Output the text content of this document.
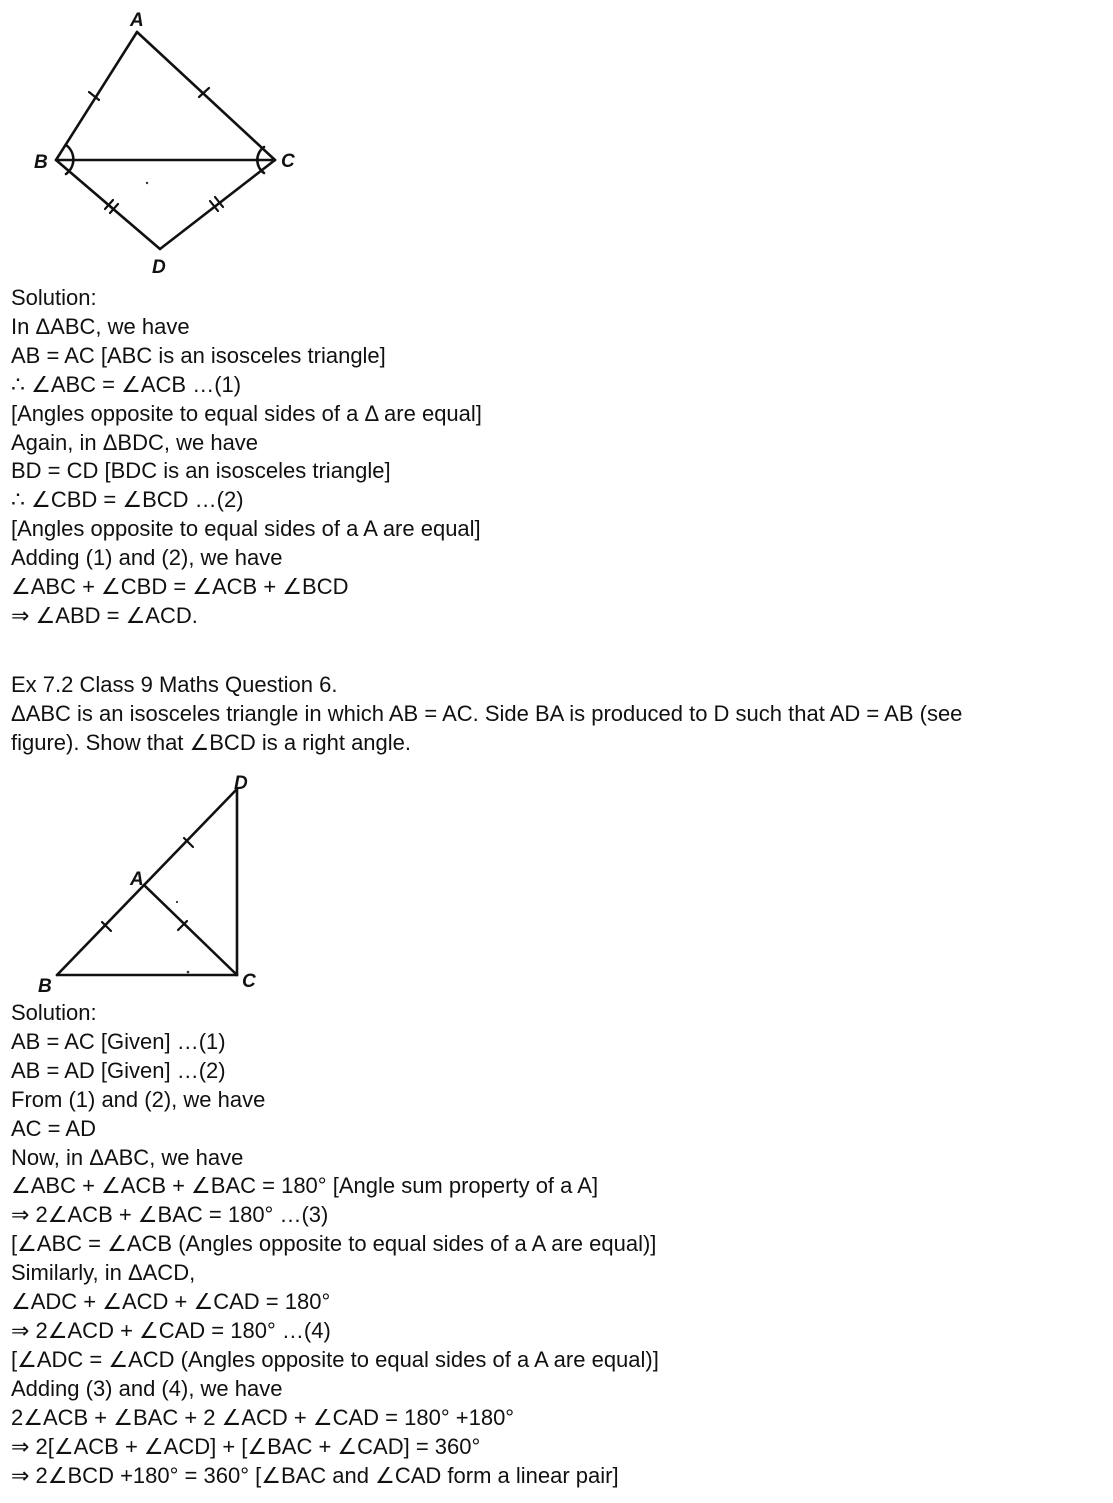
A
B	C
D

Solution:

In ΔABC, we have

AB = AC [ABC is an isosceles triangle]

∴ ∠ABC = ∠ACB …(1)

[Angles opposite to equal sides of a Δ are equal]

Again, in ΔBDC, we have

BD = CD [BDC is an isosceles triangle]

∴ ∠CBD = ∠BCD …(2)

[Angles opposite to equal sides of a A are equal]

Adding (1) and (2), we have

∠ABC + ∠CBD = ∠ACB + ∠BCD

⇒ ∠ABD = ∠ACD.

Ex 7.2 Class 9 Maths Question 6.

ΔABC is an isosceles triangle in which AB = AC. Side BA is produced to D such that AD = AB (see

figure). Show that ∠BCD is a right angle.

A
B	C
D

Solution:

AB = AC [Given] …(1)

AB = AD [Given] …(2)

From (1) and (2), we have

AC = AD

Now, in ΔABC, we have

∠ABC + ∠ACB + ∠BAC = 180° [Angle sum property of a A]

⇒ 2∠ACB + ∠BAC = 180° …(3)

[∠ABC = ∠ACB (Angles opposite to equal sides of a A are equal)]

Similarly, in ΔACD,

∠ADC + ∠ACD + ∠CAD = 180°

⇒ 2∠ACD + ∠CAD = 180° …(4)

[∠ADC = ∠ACD (Angles opposite to equal sides of a A are equal)]

Adding (3) and (4), we have

2∠ACB + ∠BAC + 2 ∠ACD + ∠CAD = 180° +180°

⇒ 2[∠ACB + ∠ACD] + [∠BAC + ∠CAD] = 360°

⇒ 2∠BCD +180° = 360° [∠BAC and ∠CAD form a linear pair]
